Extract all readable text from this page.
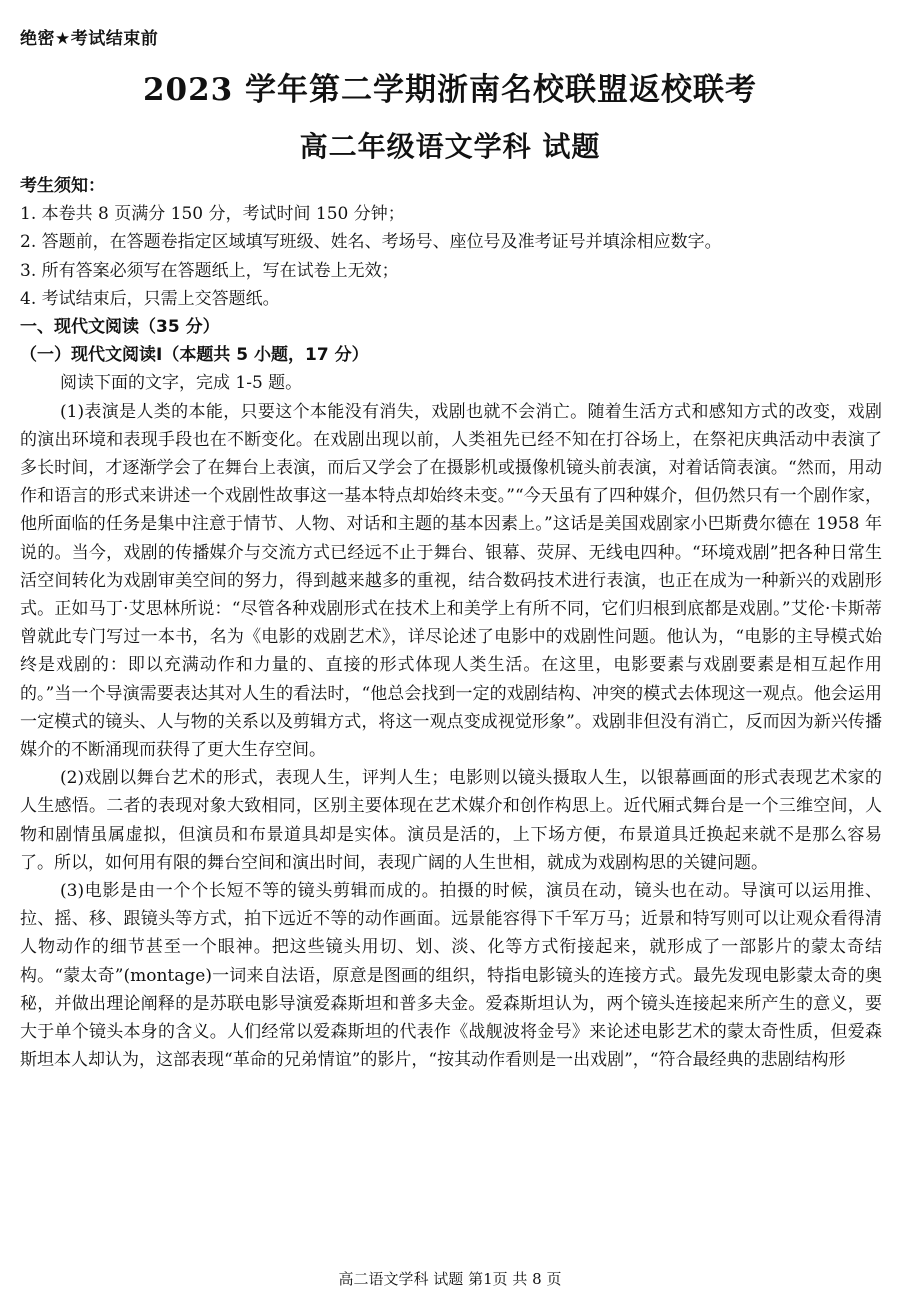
绝密★考试结束前
2023 学年第二学期浙南名校联盟返校联考
高二年级语文学科 试题

考生须知：

1. 本卷共 8 页满分 150 分，考试时间 150 分钟；

2. 答题前，在答题卷指定区域填写班级、姓名、考场号、座位号及准考证号并填涂相应数字。

3. 所有答案必须写在答题纸上，写在试卷上无效；

4. 考试结束后，只需上交答题纸。

一、现代文阅读（35 分）

（一）现代文阅读Ⅰ（本题共 5 小题，17 分）

阅读下面的文字，完成 1-5 题。

(1)表演是人类的本能，只要这个本能没有消失，戏剧也就不会消亡。随着生活方式和感知方式的改变，戏剧的演出环境和表现手段也在不断变化。在戏剧出现以前，人类祖先已经不知在打谷场上，在祭祀庆典活动中表演了多长时间，才逐渐学会了在舞台上表演，而后又学会了在摄影机或摄像机镜头前表演，对着话筒表演。“然而，用动作和语言的形式来讲述一个戏剧性故事这一基本特点却始终未变。”“今天虽有了四种媒介，但仍然只有一个剧作家，他所面临的任务是集中注意于情节、人物、对话和主题的基本因素上。”这话是美国戏剧家小巴斯费尔德在 1958 年说的。当今，戏剧的传播媒介与交流方式已经远不止于舞台、银幕、荧屏、无线电四种。“环境戏剧”把各种日常生活空间转化为戏剧审美空间的努力，得到越来越多的重视，结合数码技术进行表演，也正在成为一种新兴的戏剧形式。正如马丁·艾思林所说：“尽管各种戏剧形式在技术上和美学上有所不同，它们归根到底都是戏剧。”艾伦·卡斯蒂曾就此专门写过一本书，名为《电影的戏剧艺术》，详尽论述了电影中的戏剧性问题。他认为，“电影的主导模式始终是戏剧的：即以充满动作和力量的、直接的形式体现人类生活。在这里，电影要素与戏剧要素是相互起作用的。”当一个导演需要表达其对人生的看法时，“他总会找到一定的戏剧结构、冲突的模式去体现这一观点。他会运用一定模式的镜头、人与物的关系以及剪辑方式，将这一观点变成视觉形象”。戏剧非但没有消亡，反而因为新兴传播媒介的不断涌现而获得了更大生存空间。

(2)戏剧以舞台艺术的形式，表现人生，评判人生；电影则以镜头摄取人生，以银幕画面的形式表现艺术家的人生感悟。二者的表现对象大致相同，区别主要体现在艺术媒介和创作构思上。近代厢式舞台是一个三维空间，人物和剧情虽属虚拟，但演员和布景道具却是实体。演员是活的，上下场方便，布景道具迁换起来就不是那么容易了。所以，如何用有限的舞台空间和演出时间，表现广阔的人生世相，就成为戏剧构思的关键问题。

(3)电影是由一个个长短不等的镜头剪辑而成的。拍摄的时候，演员在动，镜头也在动。导演可以运用推、拉、摇、移、跟镜头等方式，拍下远近不等的动作画面。远景能容得下千军万马；近景和特写则可以让观众看得清人物动作的细节甚至一个眼神。把这些镜头用切、划、淡、化等方式衔接起来，就形成了一部影片的蒙太奇结构。“蒙太奇”(montage)一词来自法语，原意是图画的组织，特指电影镜头的连接方式。最先发现电影蒙太奇的奥秘，并做出理论阐释的是苏联电影导演爱森斯坦和普多夫金。爱森斯坦认为，两个镜头连接起来所产生的意义，要大于单个镜头本身的含义。人们经常以爱森斯坦的代表作《战舰波将金号》来论述电影艺术的蒙太奇性质，但爱森斯坦本人却认为，这部表现“革命的兄弟情谊”的影片，“按其动作看则是一出戏剧”，“符合最经典的悲剧结构形

高二语文学科 试题 第1页 共 8 页
